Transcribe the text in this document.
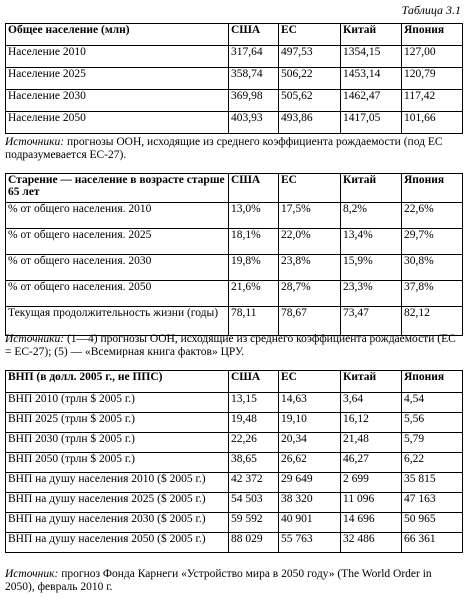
Таблица 3.1
Общее население (млн)	США	ЕС	Китай	Япония
Население 2010	317,64	497,53	1354,15	127,00
Население 2025	358,74	506,22	1453,14	120,79
Население 2030	369,98	505,62	1462,47	117,42
Население 2050	403,93	493,86	1417,05	101,66
Источники: прогнозы ООН, исходящие из среднего коэффициента рождаемости (под ЕС подразумевается ЕС-27).
Старение — население в возрасте старше 65 лет	США	ЕС	Китай	Япония
% от общего населения. 2010	13,0%	17,5%	8,2%	22,6%
% от общего населения. 2025	18,1%	22,0%	13,4%	29,7%
% от общего населения. 2030	19,8%	23,8%	15,9%	30,8%
% от общего населения. 2050	21,6%	28,7%	23,3%	37,8%
Текущая продолжительность жизни (годы)	78,11	78,67	73,47	82,12
Источники: (1—4) прогнозы ООН, исходящие из среднего коэффициента рождаемости (ЕС = ЕС-27); (5) — «Всемирная книга фактов» ЦРУ.
ВНП (в долл. 2005 г., не ППС)	США	ЕС	Китай	Япония
ВНП 2010 (трлн $ 2005 г.)	13,15	14,63	3,64	4,54
ВНП 2025 (трлн $ 2005 г.)	19,48	19,10	16,12	5,56
ВНП 2030 (трлн $ 2005 г.)	22,26	20,34	21,48	5,79
ВНП 2050 (трлн $ 2005 г.)	38,65	26,62	46,27	6,22
ВНП на душу населения 2010 ($ 2005 г.)	42 372	29 649	2 699	35 815
ВНП на душу населения 2025 ($ 2005 г.)	54 503	38 320	11 096	47 163
ВНП на душу населения 2030 ($ 2005 г.)	59 592	40 901	14 696	50 965
ВНП на душу населения 2050 ($ 2005 г.)	88 029	55 763	32 486	66 361
Источник: прогноз Фонда Карнеги «Устройство мира в 2050 году» (The World Order in 2050), февраль 2010 г.
